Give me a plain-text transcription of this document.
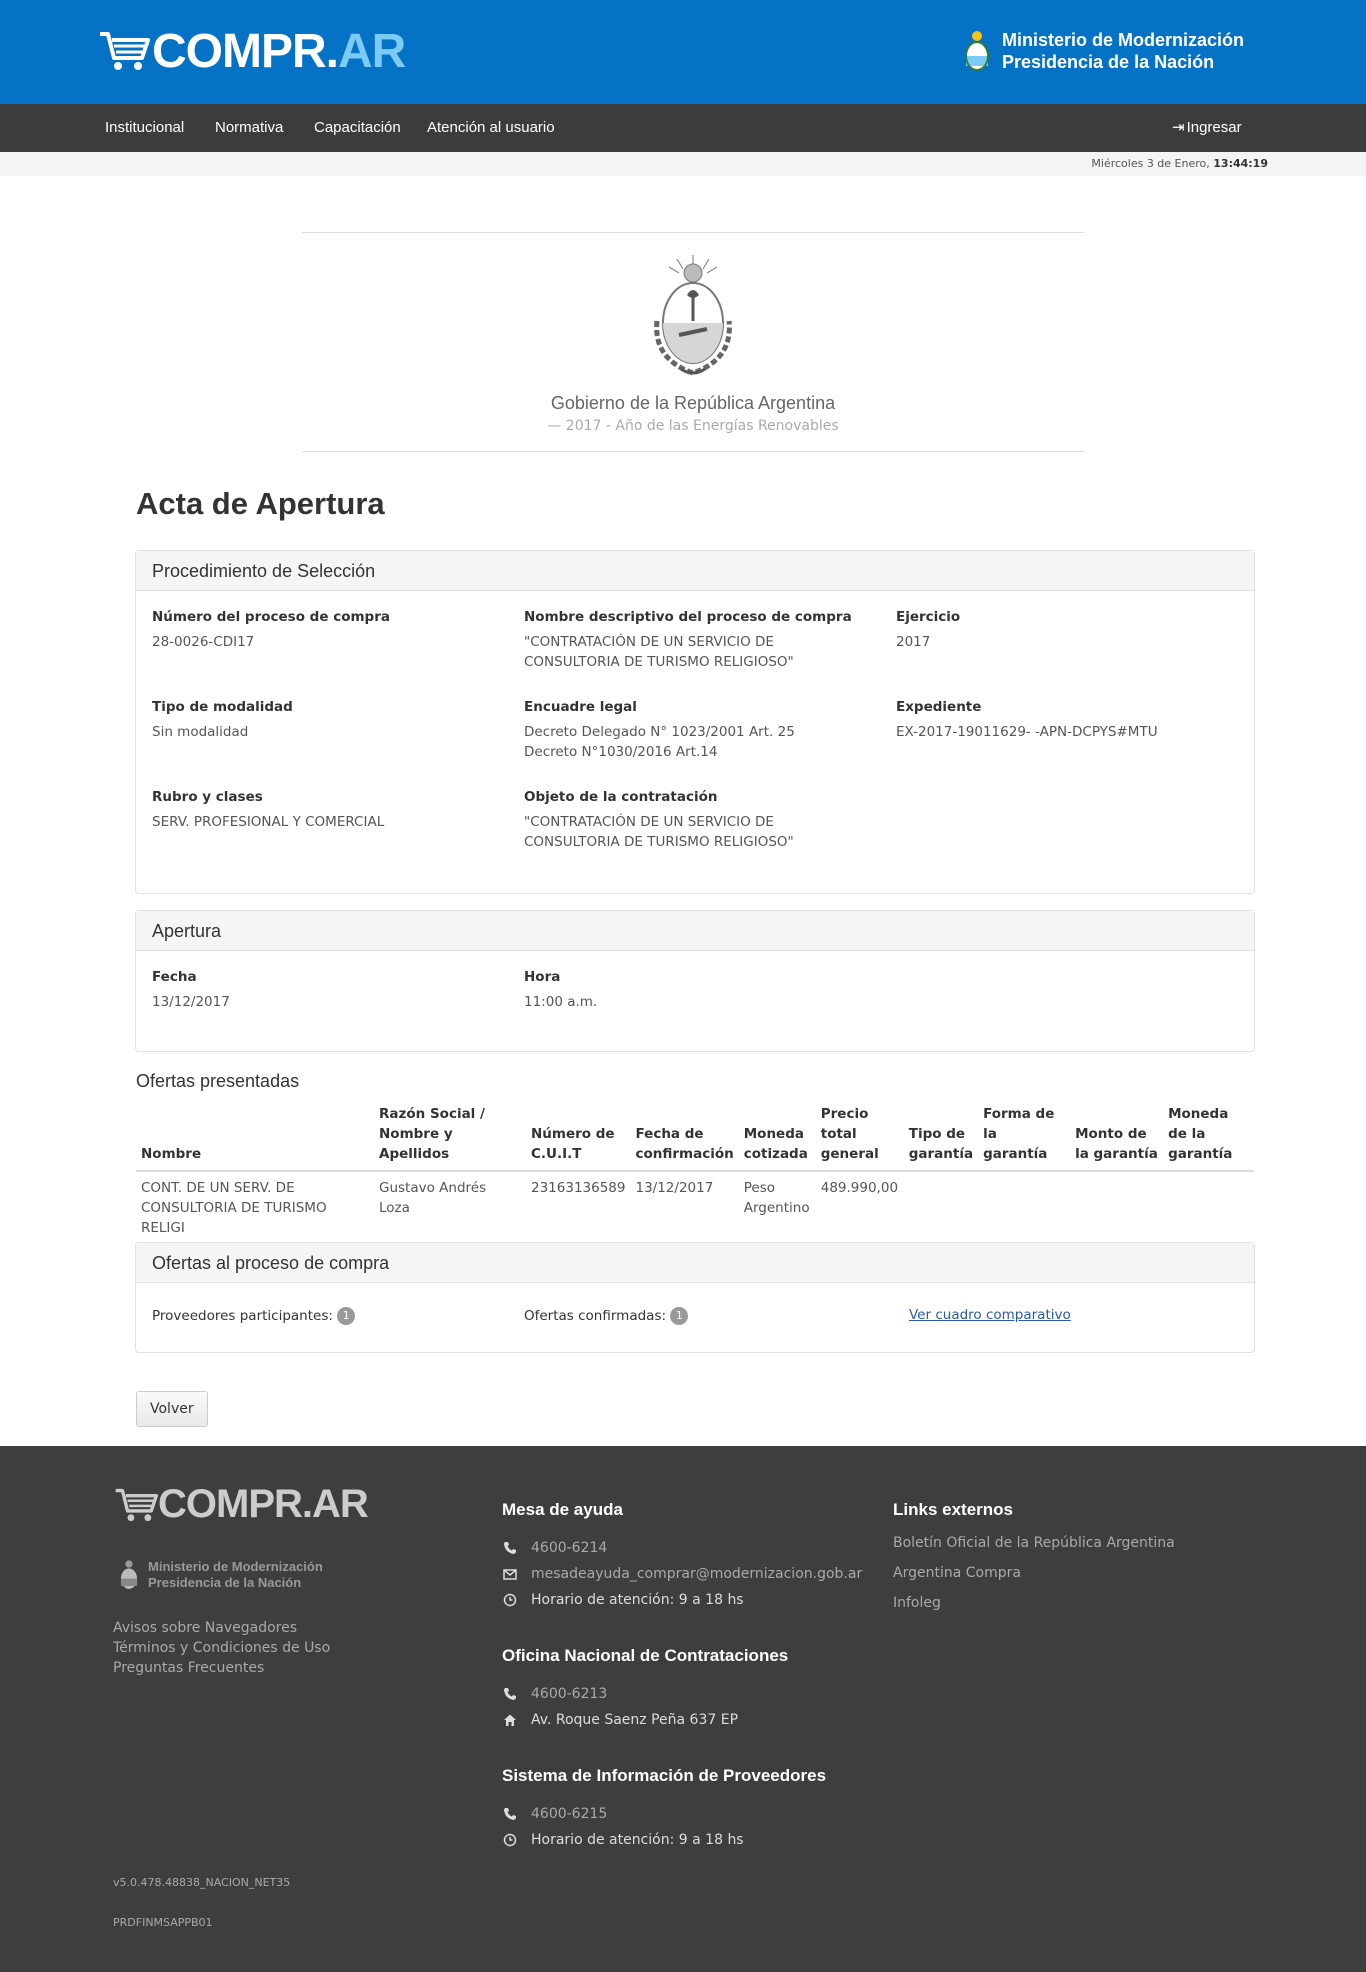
COMPR.AR	Ministerio de Modernización
Presidencia de la Nación
Institucional Normativa Capacitación Atención al usuario	⇥ Ingresar
Miércoles 3 de Enero, 13:44:19
Gobierno de la República Argentina
— 2017 - Año de las Energías Renovables
Acta de Apertura
Procedimiento de Selección
Número del proceso de compra
28-0026-CDI17
Nombre descriptivo del proceso de compra
"CONTRATACIÓN DE UN SERVICIO DE
CONSULTORIA DE TURISMO RELIGIOSO"
Ejercicio
2017
Tipo de modalidad
Sin modalidad
Encuadre legal
Decreto Delegado N° 1023/2001 Art. 25
Decreto N°1030/2016 Art.14
Expediente
EX-2017-19011629- -APN-DCPYS#MTU
Rubro y clases
SERV. PROFESIONAL Y COMERCIAL
Objeto de la contratación
"CONTRATACIÓN DE UN SERVICIO DE
CONSULTORIA DE TURISMO RELIGIOSO"
Apertura
Fecha
13/12/2017
Hora
11:00 a.m.
Ofertas presentadas
Nombre	Razón Social / Nombre y Apellidos	Número de C.U.I.T	Fecha de confirmación	Moneda cotizada	Precio total general	Tipo de garantía	Forma de la garantía	Monto de la garantía	Moneda de la garantía
CONT. DE UN SERV. DE CONSULTORIA DE TURISMO RELIGI	Gustavo Andrés Loza	23163136589	13/12/2017	Peso Argentino	489.990,00				
Ofertas al proceso de compra
Proveedores participantes: 1	Ofertas confirmadas: 1	Ver cuadro comparativo
Volver
COMPR.AR
Ministerio de Modernización
Presidencia de la Nación
Avisos sobre Navegadores
Términos y Condiciones de Uso
Preguntas Frecuentes
Mesa de ayuda
4600-6214
mesadeayuda_comprar@modernizacion.gob.ar
Horario de atención: 9 a 18 hs
Oficina Nacional de Contrataciones
4600-6213
Av. Roque Saenz Peña 637 EP
Sistema de Información de Proveedores
4600-6215
Horario de atención: 9 a 18 hs
Links externos
Boletín Oficial de la República Argentina
Argentina Compra
Infoleg
v5.0.478.48838_NACION_NET35
PRDFINMSAPPB01
